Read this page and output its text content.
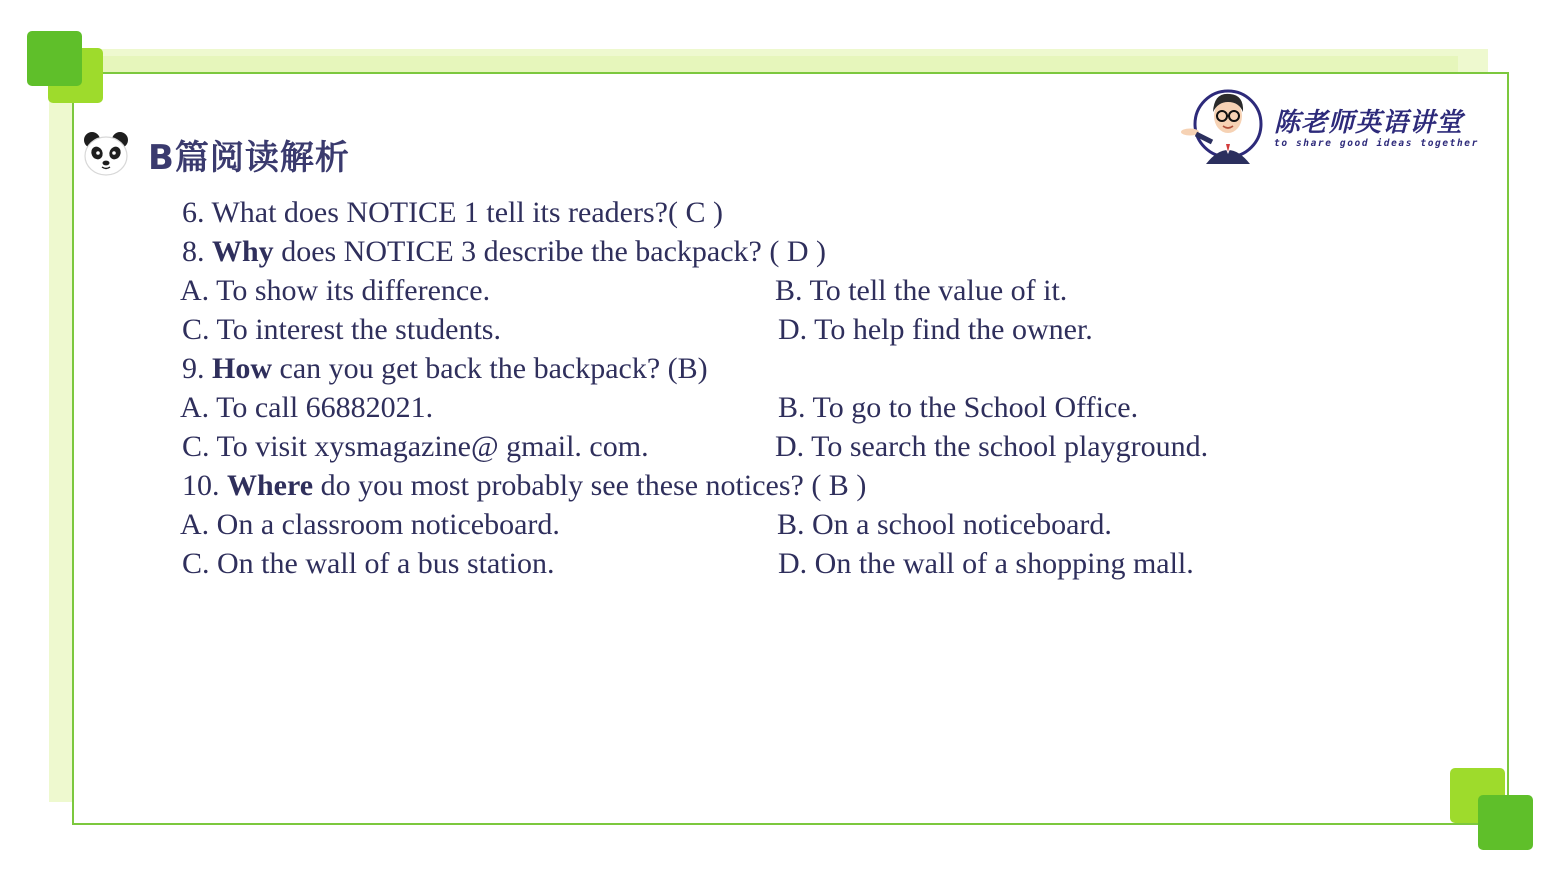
B篇阅读解析
陈老师英语讲堂
to share good ideas together
6. What does NOTICE 1 tell its readers?( C )
8. Why does NOTICE 3 describe the backpack? ( D )
A. To show its difference.	B. To tell the value of it.
C. To interest the students.	D. To help find the owner.
9. How can you get back the backpack? (B)
A. To call 66882021.	B. To go to the School Office.
C. To visit xysmagazine@ gmail. com.	D. To search the school playground.
10. Where do you most probably see these notices? ( B )
A. On a classroom noticeboard.	B. On a school noticeboard.
C. On the wall of a bus station.	D. On the wall of a shopping mall.
